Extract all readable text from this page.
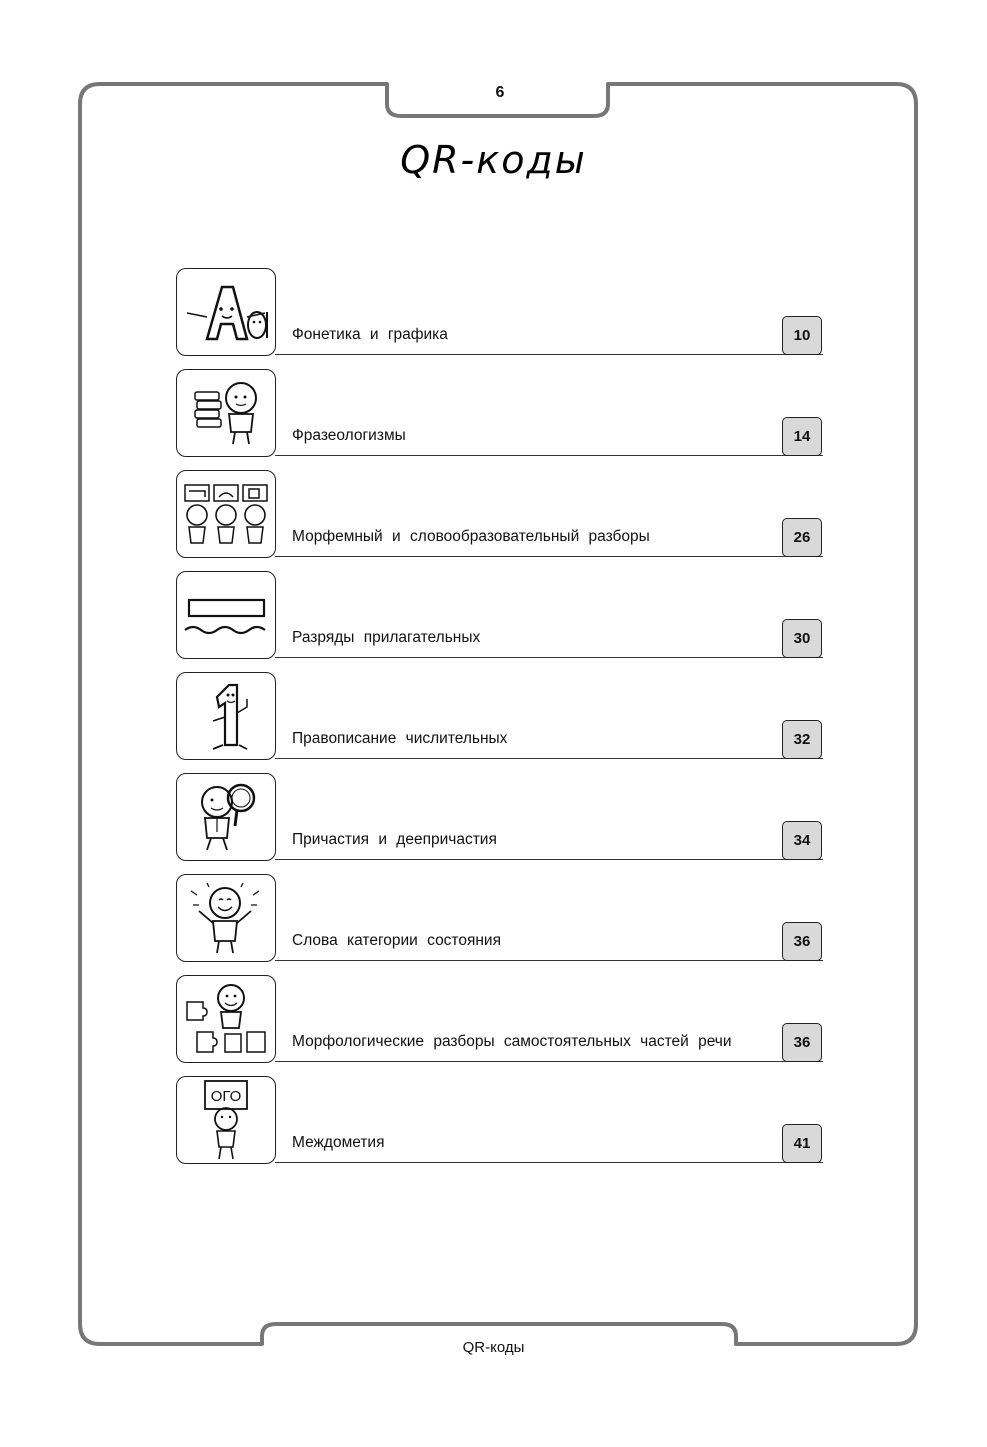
6
QR-коды
Фонетика и графика	10
Фразеологизмы	14
Морфемный и словообразовательный разборы	26
Разряды прилагательных	30
Правописание числительных	32
Причастия и деепричастия	34
Слова категории состояния	36
Морфологические разборы самостоятельных частей речи	36
ОГО
Междометия	41
QR-коды
